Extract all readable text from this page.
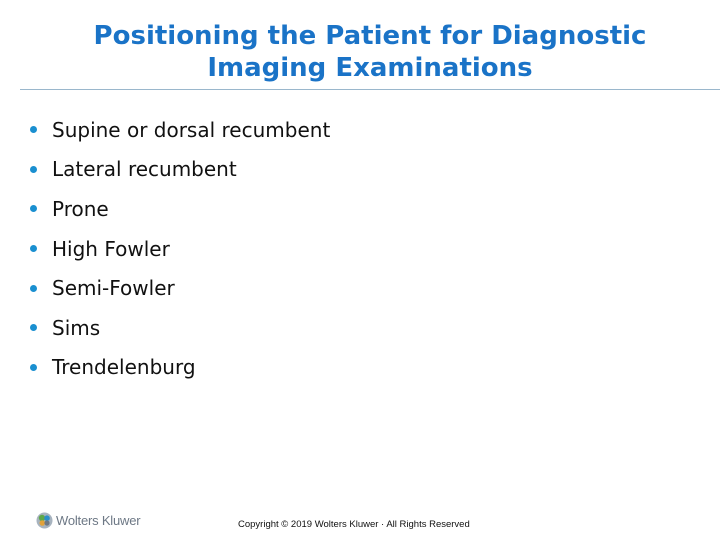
Positioning the Patient for Diagnostic
Imaging Examinations
Supine or dorsal recumbent
Lateral recumbent
Prone
High Fowler
Semi-Fowler
Sims
Trendelenburg
Wolters Kluwer	Copyright © 2019 Wolters Kluwer · All Rights Reserved
